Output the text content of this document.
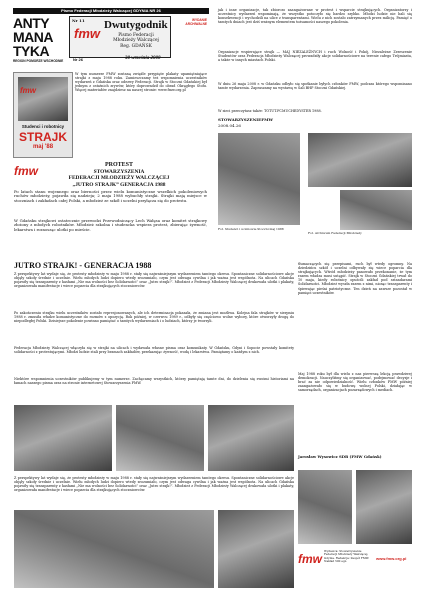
Pismo Federacji Młodzieży Walczącej GDYNIA NR 26
ANTY
MANA
TYKA
REGION POMORZE WSCHODNIE
Nr 11
fmw
Dwutygodnik
Pismo Federacji
Młodzieży Walczącej
Reg. GDAŃSK
Nr 26	30 września 2008
WYDANIE ARCHIWALNE
fmw
Studenci i robotnicy
STRAJK
maj '88
W tym numerze FMW zostaną zwięźle przypięte plakaty upamiętniające strajki z maja 1988 roku. Zamieszczamy też wspomnienia uczestników wydarzeń z Gdańska oraz odezwy Federacji. Strajk w Stoczni Gdańskiej był jednym z ostatnich zrywów, który doprowadził do obrad Okrągłego Stołu. Więcej materiałów znajdziesz na naszej stronie: www.fmw.org.pl
fmw	PROTEST
STOWARZYSZENIA
FEDERACJI MŁODZIEŻY WALCZĄCEJ
„JUTRO STRAJK” GENERACJA 1988
Po latach stanu wojennego oraz bierności przez wielu komunistyczne wszelkich pokoleniowych ruchów młodzieży, pojawiła się nadzieja; 2 maja 1988 wybuchły strajki. Strajki mają miejsce w stoczniach i zakładach całej Polski, a młodzież ze szkół i uczelni przyłącza się do protestu.
W Gdańsku strajkowi ostatecznie przewodzi Przewodniczący Lech Wałęsa oraz komitet strajkowy złożony z młodych robotników. Młodzież szkolna i studencka wspiera protest, zbierając żywność, lekarstwa i roznosząc ulotki po mieście.
jak i inne organizacje, tak zbiorczo zaangażowane w protest i wsparcie strajkujących. Organizatorzy i uczestnicy wydarzeń wspominają, że wszystko potoczyło się bardzo szybko. Młodzi ludzie nie bali się konsekwencji i wychodzili na ulice z transparentami. Wielu z nich zostało zatrzymanych przez milicję. Pamięć o tamtych dniach jest dziś ważnym elementem tożsamości naszego pokolenia.
Organizacje wspierające strajk — MAJ NIEZALEŻNYCH i ruch Wolność i Pokój, Niezależne Zrzeszenie Studentów oraz Federacja Młodzieży Walczącej prowadziły akcje solidarnościowe na terenie całego Trójmiasta, a także w innych miastach Polski.
W dniu 26 maja 2008 r. w Gdańsku odbyło się spotkanie byłych członków FMW, podczas którego wspominano tamte wydarzenia. Zapraszamy na wystawę w Sali BHP Stoczni Gdańskiej.
W sieci przeczytasz także: TOTUT.FCMUCHEDYSTER 1988.
STOWARZYSZENIEFMW
2008.04.26
Fot. Studenci i uczniowie Stoczni maj 1988
Fot. Archiwum Federacji Młodzieży
JUTRO STRAJK! - GENERACJA 1988
Z perspektywy lat wydaje się, że protesty młodzieży w maju 1988 r. stały się najważniejszym wydarzeniem tamtego okresu. Spontaniczne solidarnościowe akcje objęły szkoły średnie i uczelnie. Wielu młodych ludzi dopiero wtedy zrozumiało, czym jest odwaga cywilna i jak ważna jest wspólnota. Na ulicach Gdańska pojawiły się transparenty z hasłami „Nie ma wolności bez Solidarności” oraz „Jutro strajk!”. Młodzież z Federacji Młodzieży Walczącej drukowała ulotki i plakaty, organizowała manifestacje i wiece poparcia dla strajkujących stoczniowców.
Po zakończeniu strajku wielu uczestników zostało represjonowanych, ale ich determinacja pokazała, że zmiana jest możliwa. Kolejna fala strajków w sierpniu 1988 r. zmusiła władze komunistyczne do rozmów z opozycją. Rok później, w czerwcu 1989 r., odbyły się częściowo wolne wybory, które otworzyły drogę do niepodległej Polski. Dzisiejsze pokolenie powinno pamiętać o tamtych wydarzeniach i o ludziach, którzy je tworzyli.
Federacja Młodzieży Walczącej włączyła się w strajki na ulicach i wydawała własne pisma oraz komunikaty. W Gdańsku, Gdyni i Sopocie powstały komitety solidarności z protestującymi. Młodzi ludzie stali przy bramach zakładów, przekazując żywność, wodę i lekarstwa. Pamiętamy o każdym z nich.
Niektóre wspomnienia uczestników publikujemy w tym numerze. Zachęcamy wszystkich, którzy pamiętają tamte dni, do dzielenia się swoimi historiami na łamach naszego pisma oraz na stronie internetowej Stowarzyszenia FMW.
Z perspektywy lat wydaje się, że protesty młodzieży w maju 1988 r. stały się najważniejszym wydarzeniem tamtego okresu. Spontaniczne solidarnościowe akcje objęły szkoły średnie i uczelnie. Wielu młodych ludzi dopiero wtedy zrozumiało, czym jest odwaga cywilna i jak ważna jest wspólnota. Na ulicach Gdańska pojawiły się transparenty z hasłami „Nie ma wolności bez Solidarności” oraz „Jutro strajk!”. Młodzież z Federacji Młodzieży Walczącej drukowała ulotki i plakaty, organizowała manifestacje i wiece poparcia dla strajkujących stoczniowców.
tłumaczących się przepisami, ruch był wtedy ogromny. Na dziedzińcu szkół i uczelni odbywały się wiece poparcia dla strajkujących. Wśród młodzieży panowało przekonanie, że tym razem władza musi ustąpić. Strajk w Stoczni Gdańskiej trwał do 10 maja, kiedy robotnicy opuścili zakład pod sztandarami Solidarności. Młodzież wyszła razem z nimi, niosąc transparenty i śpiewając pieśni patriotyczne. Ten dzień na zawsze pozostał w pamięci uczestników.
Maj 1988 roku był dla wielu z nas pierwszą lekcją prawdziwej demokracji. Nauczyliśmy się organizować, podejmować decyzje i brać za nie odpowiedzialność. Wielu członków FMW później zaangażowało się w budowę wolnej Polski, działając w samorządach, organizacjach pozarządowych i mediach.
Jarosław Wysowicz SDB (FMW Gdańsk)
fmw
Wydawca: Stowarzyszenie Federacji Młodzieży Walczącej, Gdynia. Redakcja: Zespół FMW. Nakład 500 egz.
www.fmw.org.pl
